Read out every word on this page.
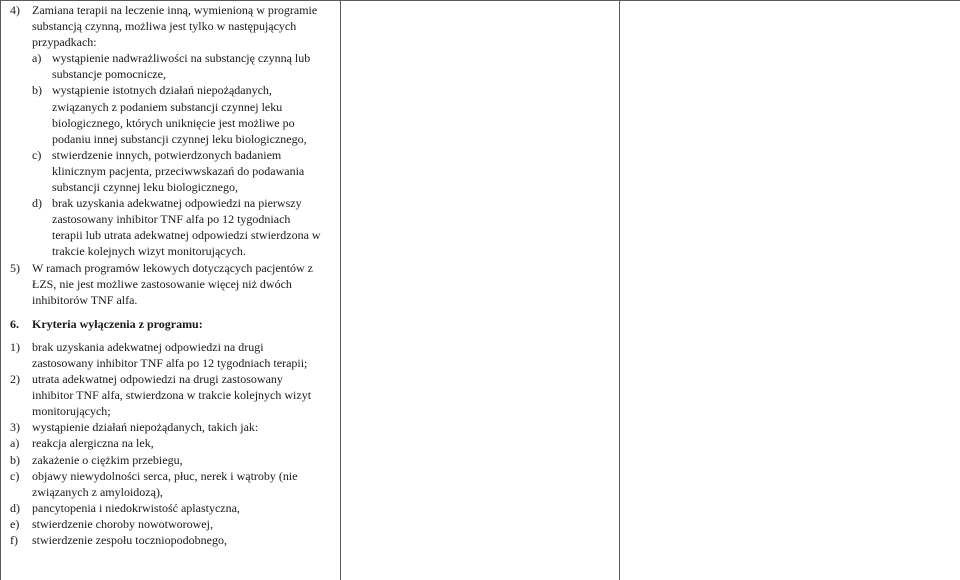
4)	Zamiana terapii na leczenie inną, wymienioną w programie
substancją czynną, możliwa jest tylko w następujących
przypadkach:
a) wystąpienie nadwrażliwości na substancję czynną lub
substancje pomocnicze,
b) wystąpienie istotnych działań niepożądanych,
związanych z podaniem substancji czynnej leku
biologicznego, których uniknięcie jest możliwe po
podaniu innej substancji czynnej leku biologicznego,
c) stwierdzenie innych, potwierdzonych badaniem
klinicznym pacjenta, przeciwwskazań do podawania
substancji czynnej leku biologicznego,
d) brak uzyskania adekwatnej odpowiedzi na pierwszy
zastosowany inhibitor TNF alfa po 12 tygodniach
terapii lub utrata adekwatnej odpowiedzi stwierdzona w
trakcie kolejnych wizyt monitorujących.
5)	W ramach programów lekowych dotyczących pacjentów z
ŁZS, nie jest możliwe zastosowanie więcej niż dwóch
inhibitorów TNF alfa.
6.	Kryteria wyłączenia z programu:
1)	brak uzyskania adekwatnej odpowiedzi na drugi
zastosowany inhibitor TNF alfa po 12 tygodniach terapii;
2)	utrata adekwatnej odpowiedzi na drugi zastosowany
inhibitor TNF alfa, stwierdzona w trakcie kolejnych wizyt
monitorujących;
3)	wystąpienie działań niepożądanych, takich jak:
a)	reakcja alergiczna na lek,
b)	zakażenie o ciężkim przebiegu,
c)	objawy niewydolności serca, płuc, nerek i wątroby (nie
związanych z amyloidozą),
d)	pancytopenia i niedokrwistość aplastyczna,
e)	stwierdzenie choroby nowotworowej,
f)	stwierdzenie zespołu toczniopodobnego,
